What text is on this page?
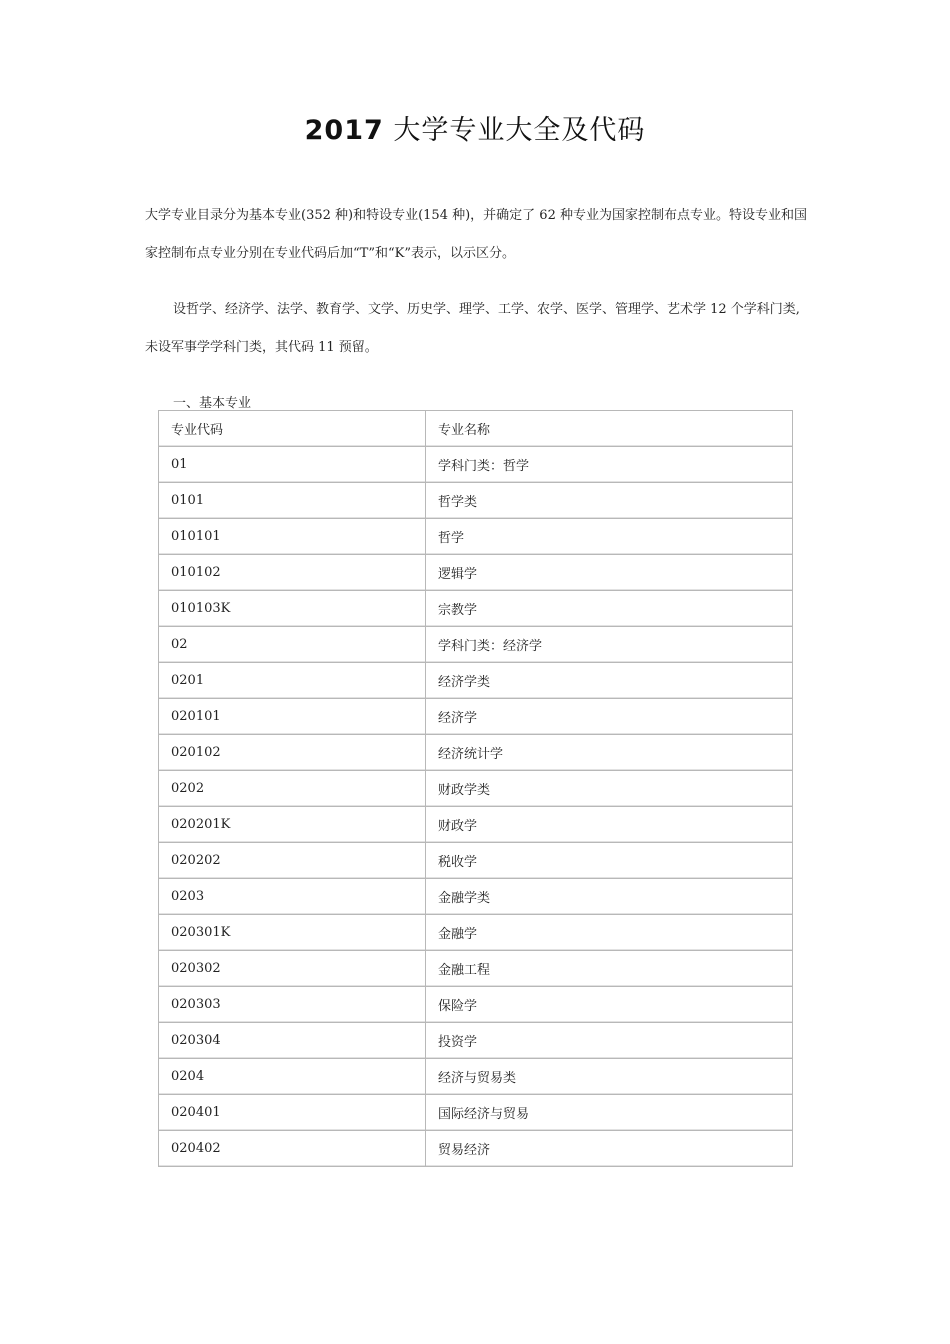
2017 大学专业大全及代码

大学专业目录分为基本专业(352 种)和特设专业(154 种)，并确定了 62 种专业为国家控制布点专业。特设专业和国家控制布点专业分别在专业代码后加“T”和“K”表示，以示区分。

设哲学、经济学、法学、教育学、文学、历史学、理学、工学、农学、医学、管理学、艺术学 12 个学科门类,未设军事学学科门类，其代码 11 预留。

一、基本专业

专业代码	专业名称
01	学科门类：哲学
0101	哲学类
010101	哲学
010102	逻辑学
010103K	宗教学
02	学科门类：经济学
0201	经济学类
020101	经济学
020102	经济统计学
0202	财政学类
020201K	财政学
020202	税收学
0203	金融学类
020301K	金融学
020302	金融工程
020303	保险学
020304	投资学
0204	经济与贸易类
020401	国际经济与贸易
020402	贸易经济
